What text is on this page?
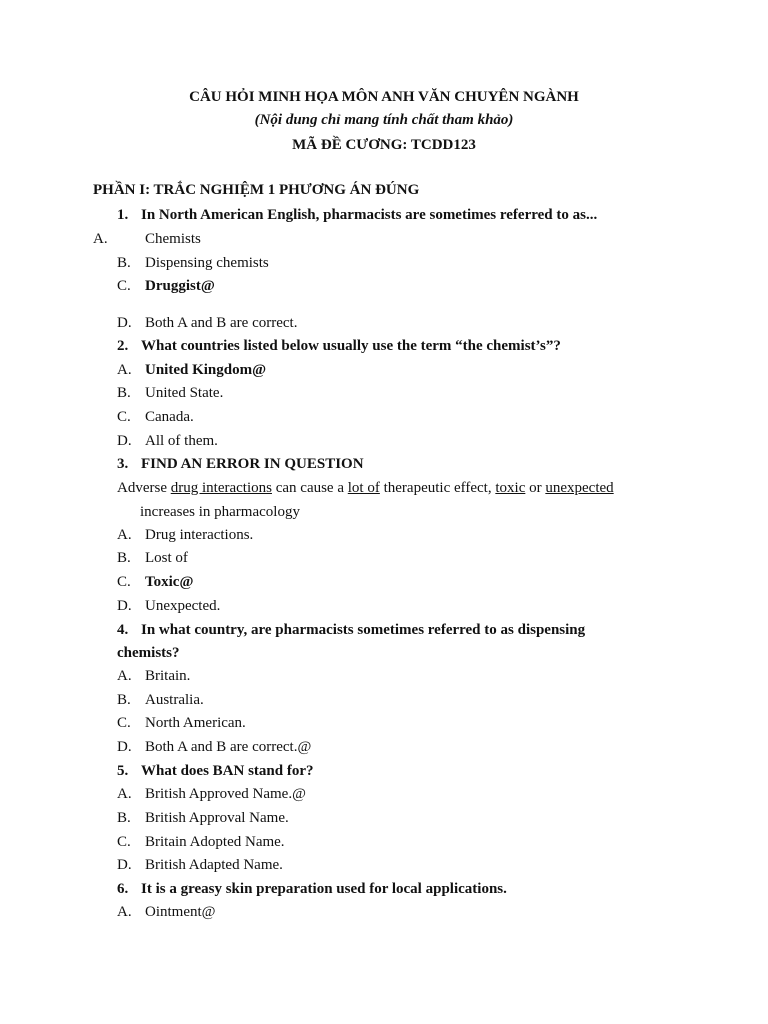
CÂU HỎI MINH HỌA MÔN ANH VĂN CHUYÊN NGÀNH
(Nội dung chỉ mang tính chất tham khảo)
MÃ ĐỀ CƯƠNG: TCDD123
PHẦN I: TRẮC NGHIỆM 1 PHƯƠNG ÁN ĐÚNG
1. In North American English, pharmacists are sometimes referred to as...
A. Chemists
B. Dispensing chemists
C. Druggist@
D. Both A and B are correct.
2. What countries listed below usually use the term “the chemist’s”?
A. United Kingdom@
B. United State.
C. Canada.
D. All of them.
3. FIND AN ERROR IN QUESTION
Adverse drug interactions can cause a lot of therapeutic effect, toxic or unexpected
increases in pharmacology
A. Drug interactions.
B. Lost of
C. Toxic@
D. Unexpected.
4. In what country, are pharmacists sometimes referred to as dispensing
chemists?
A. Britain.
B. Australia.
C. North American.
D. Both A and B are correct.@
5. What does BAN stand for?
A. British Approved Name.@
B. British Approval Name.
C. Britain Adopted Name.
D. British Adapted Name.
6. It is a greasy skin preparation used for local applications.
A. Ointment@
